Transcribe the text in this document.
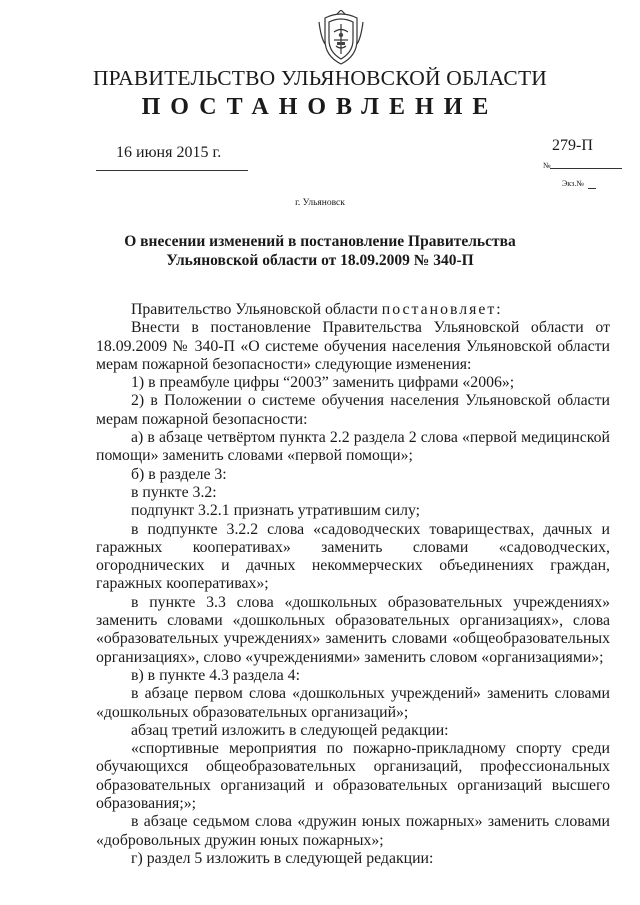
ПРАВИТЕЛЬСТВО УЛЬЯНОВСКОЙ ОБЛАСТИ
ПОСТАНОВЛЕНИЕ
16 июня 2015 г.	279-П
№
Экз.№
г. Ульяновск
О внесении изменений в постановление Правительства
Ульяновской области от 18.09.2009 № 340-П
Правительство Ульяновской области постановляет:
Внести в постановление Правительства Ульяновской области от 18.09.2009 № 340-П «О системе обучения населения Ульяновской области мерам пожарной безопасности» следующие изменения:
1) в преамбуле цифры “2003” заменить цифрами «2006»;
2) в Положении о системе обучения населения Ульяновской области мерам пожарной безопасности:
а) в абзаце четвёртом пункта 2.2 раздела 2 слова «первой медицинской помощи» заменить словами «первой помощи»;
б) в разделе 3:
в пункте 3.2:
подпункт 3.2.1 признать утратившим силу;
в подпункте 3.2.2 слова «садоводческих товариществах, дачных и гаражных кооперативах» заменить словами «садоводческих, огороднических и дачных некоммерческих объединениях граждан, гаражных кооперативах»;
в пункте 3.3 слова «дошкольных образовательных учреждениях» заменить словами «дошкольных образовательных организациях», слова «образовательных учреждениях» заменить словами «общеобразовательных организациях», слово «учреждениями» заменить словом «организациями»;
в) в пункте 4.3 раздела 4:
в абзаце первом слова «дошкольных учреждений» заменить словами «дошкольных образовательных организаций»;
абзац третий изложить в следующей редакции:
«спортивные мероприятия по пожарно-прикладному спорту среди обучающихся общеобразовательных организаций, профессиональных образовательных организаций и образовательных организаций высшего образования;»;
в абзаце седьмом слова «дружин юных пожарных» заменить словами «добровольных дружин юных пожарных»;
г) раздел 5 изложить в следующей редакции:
